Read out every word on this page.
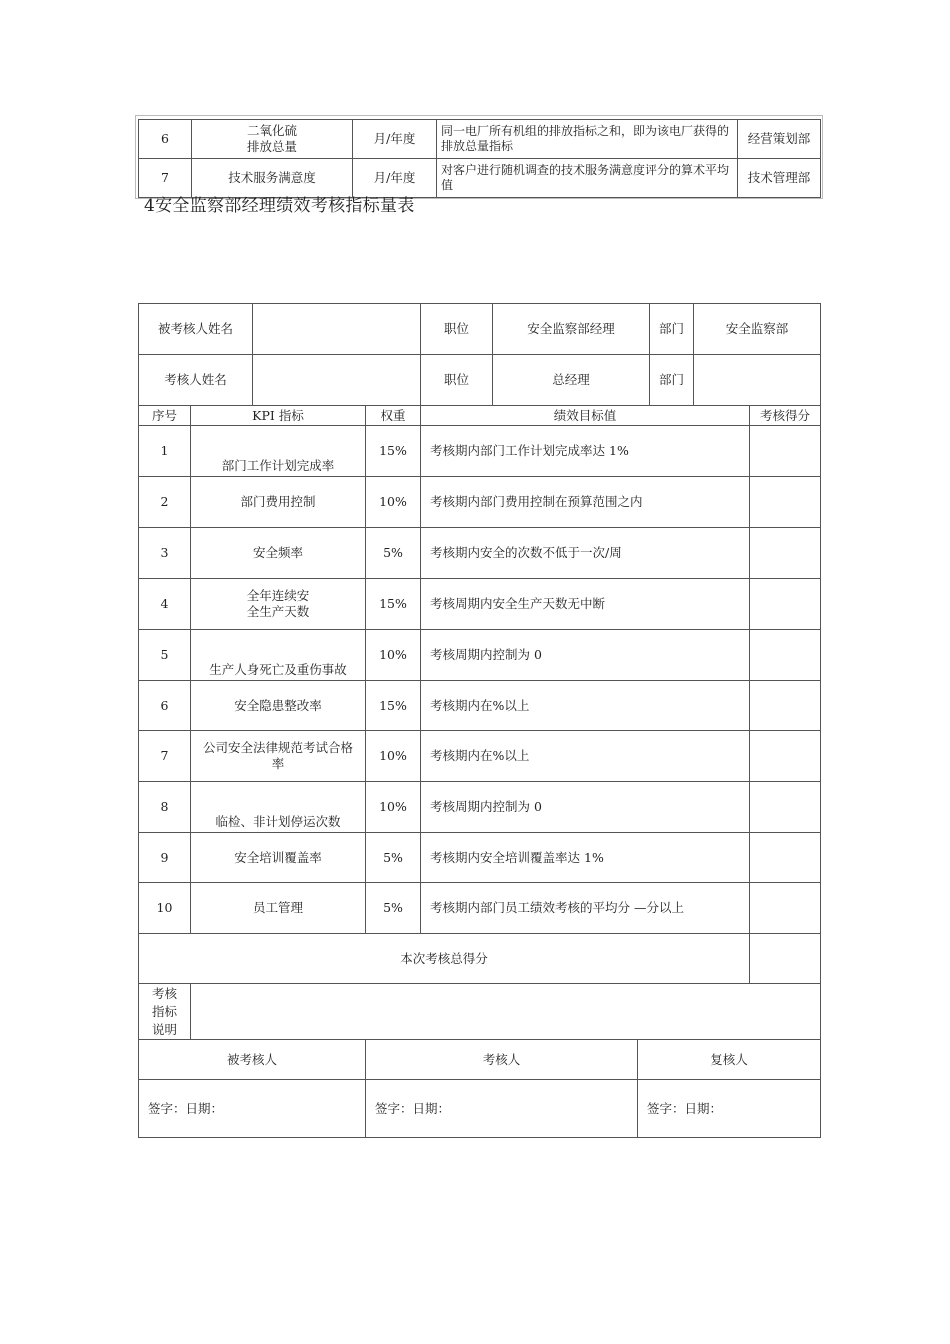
6	二氧化硫
排放总量	月/年度	同一电厂所有机组的排放指标之和，即为该电厂获得的排放总量指标	经营策划部
7	技术服务满意度	月/年度	对客户进行随机调查的技术服务满意度评分的算术平均值	技术管理部
4安全监察部经理绩效考核指标量表
被考核人姓名				职位	安全监察部经理		部门	安全监察部	
考核人姓名				职位	总经理		部门		
序号	KPI 指标		权重	绩效目标值					考核得分
1	部门工作计划完成率		15%	考核期内部门工作计划完成率达 1%					
2	部门费用控制		10%	考核期内部门费用控制在预算范围之内					
3	安全频率		5%	考核期内安全的次数不低于一次/周					
4	全年连续安
全生产天数		15%	考核周期内安全生产天数无中断					
5	生产人身死亡及重伤事故		10%	考核周期内控制为 0					
6	安全隐患整改率		15%	考核期内在%以上					
7	公司安全法律规范考试合格
率		10%	考核期内在%以上					
8	临检、非计划停运次数		10%	考核周期内控制为 0					
9	安全培训覆盖率		5%	考核期内安全培训覆盖率达 1%					
10	员工管理		5%	考核期内部门员工绩效考核的平均分 —分以上					
本次考核总得分									
考核
指标
说明									
被考核人			考核人			复核人			
签字：日期：			签字：日期：			签字：日期：			
